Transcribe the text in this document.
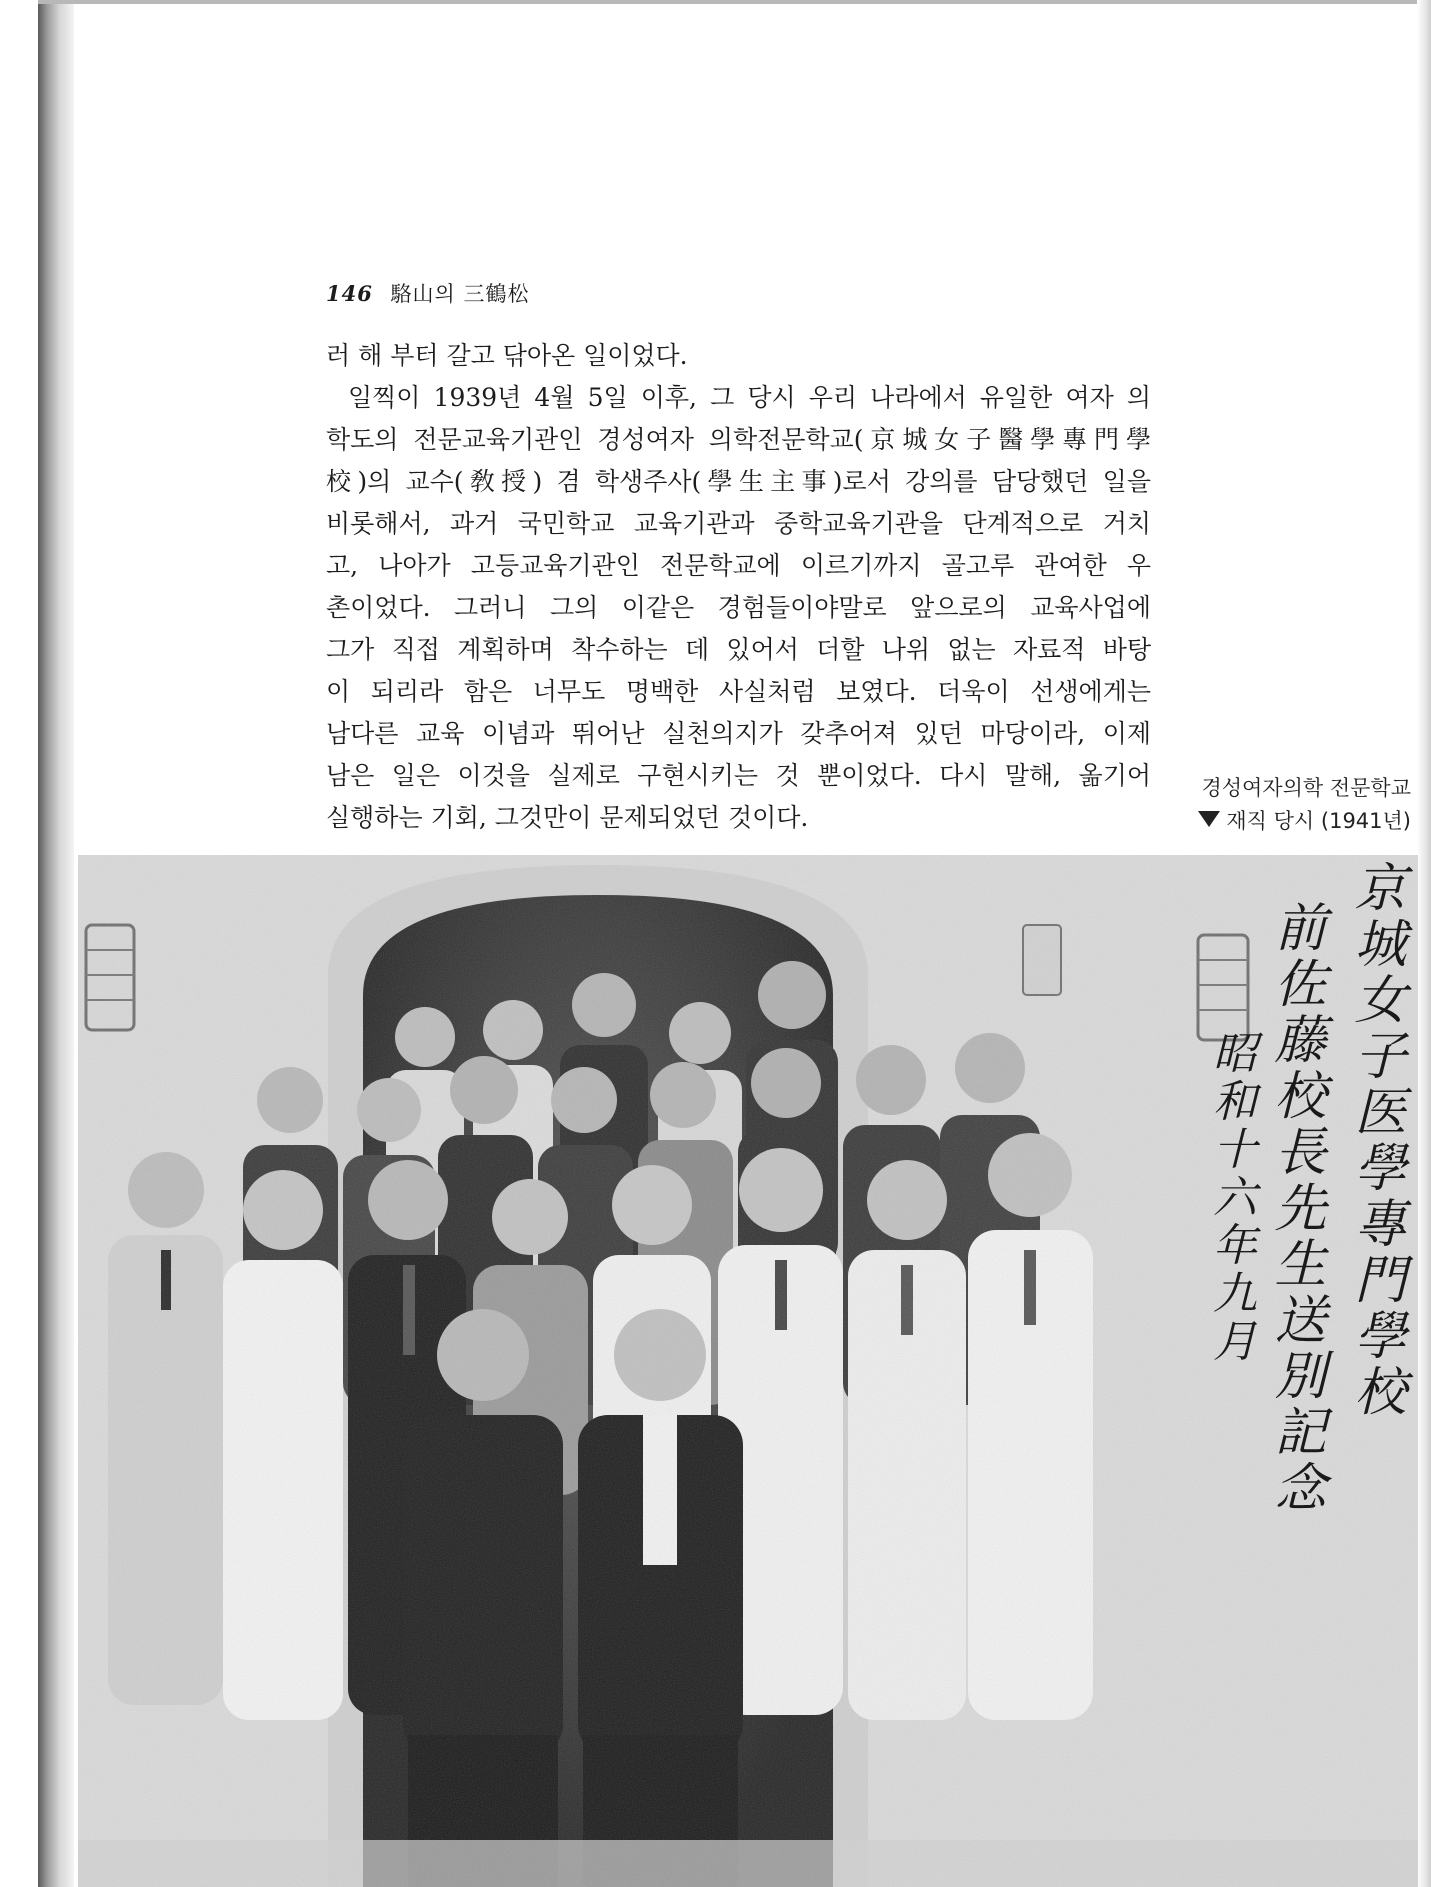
146 駱山의 三鶴松
러 해 부터 갈고 닦아온 일이었다.
일찍이 1939년 4월 5일 이후, 그 당시 우리 나라에서 유일한 여자 의
학도의 전문교육기관인 경성여자 의학전문학교(京城女子醫學專門學
校)의 교수(敎授) 겸 학생주사(學生主事)로서 강의를 담당했던 일을
비롯해서, 과거 국민학교 교육기관과 중학교육기관을 단계적으로 거치
고, 나아가 고등교육기관인 전문학교에 이르기까지 골고루 관여한 우
촌이었다. 그러니 그의 이같은 경험들이야말로 앞으로의 교육사업에
그가 직접 계획하며 착수하는 데 있어서 더할 나위 없는 자료적 바탕
이 되리라 함은 너무도 명백한 사실처럼 보였다. 더욱이 선생에게는
남다른 교육 이념과 뛰어난 실천의지가 갖추어져 있던 마당이라, 이제
남은 일은 이것을 실제로 구현시키는 것 뿐이었다. 다시 말해, 옮기어
실행하는 기회, 그것만이 문제되었던 것이다.
경성여자의학 전문학교
재직 당시 (1941년)
京城女子医學專門學校
前佐藤校長先生送別記念
昭和十六年九月
